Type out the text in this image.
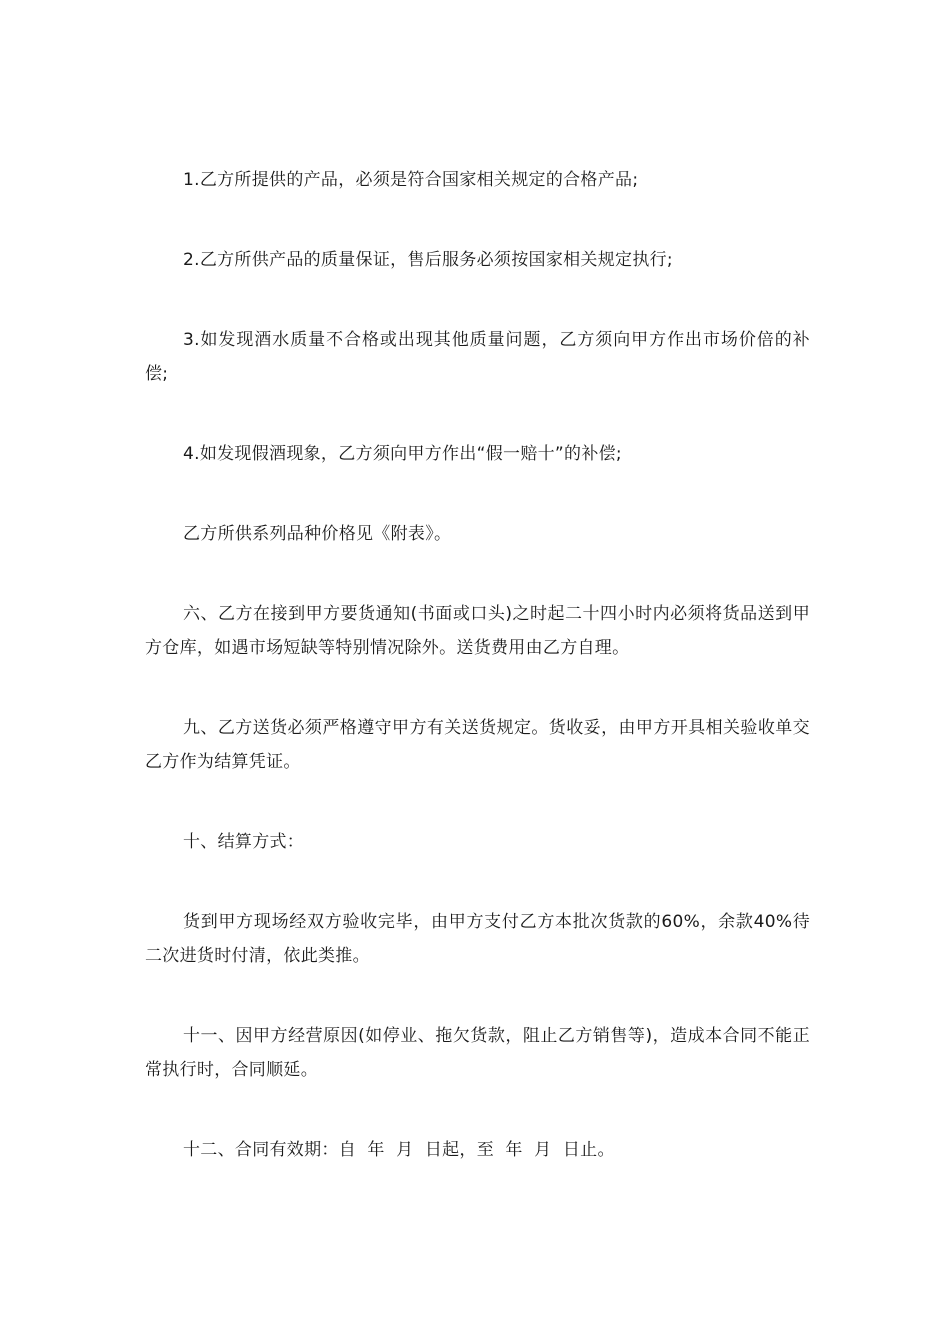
1.乙方所提供的产品，必须是符合国家相关规定的合格产品;

2.乙方所供产品的质量保证，售后服务必须按国家相关规定执行;

3.如发现酒水质量不合格或出现其他质量问题，乙方须向甲方作出市场价倍的补偿;

4.如发现假酒现象，乙方须向甲方作出“假一赔十”的补偿;

乙方所供系列品种价格见《附表》。

六、乙方在接到甲方要货通知(书面或口头)之时起二十四小时内必须将货品送到甲方仓库，如遇市场短缺等特别情况除外。送货费用由乙方自理。

九、乙方送货必须严格遵守甲方有关送货规定。货收妥，由甲方开具相关验收单交乙方作为结算凭证。

十、结算方式：

货到甲方现场经双方验收完毕，由甲方支付乙方本批次货款的60%，余款40%待二次进货时付清，依此类推。

十一、因甲方经营原因(如停业、拖欠货款，阻止乙方销售等)，造成本合同不能正常执行时，合同顺延。

十二、合同有效期：自  年  月  日起，至  年  月  日止。
